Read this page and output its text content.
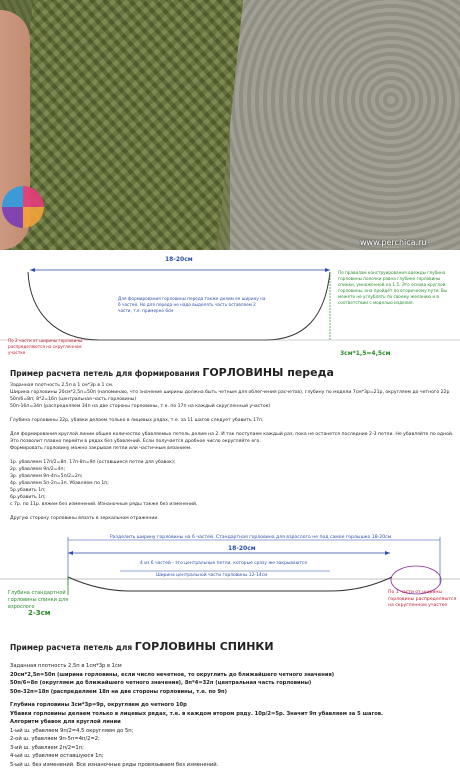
www.perchica.ru
18-20см
Для формирования горловины переда также делим ее ширину на 6 частей. Но для переда не надо выделять часть оставляем 2 части, т.е. примерно 6см
По правилам конструирования одежды глубина горловины полочки равна глубине горловины спинки, умноженной на 1.5. Это основа круглой горловины, она пройдёт по вторичному пути. Вы можете не углублять по своему желанию и в соответствии с моделью изделия.
3см*1,5=4,5см
По 2 части от ширины горловины распределяются на скругленном участке
Пример расчета петель для формирования ГОРЛОВИНЫ переда
Заданная плотность 2,5п в 1 см*3р в 1 см.
Ширина горловины 20см*2,5п=50п (напоминаю, что значение ширины должна быть четным для облегчения расчетов), глубину по модели 7см*3р=21р, округляем до четного 22р
50п/6=8п; 8*2=16п (центральная часть горловины)
50п-16п=34п (распределяем 34п на две стороны горловины, т.е. по 17п на каждый скругленный участок)

Глубина горловины 22р, убавки делаем только в лицевых рядах, т.е. за 11 шагов следует убавить 17п.

Для формирования круглой линии общее количество убавляемых петель делим на 2. И так поступаем каждый раз, пока не останется последние 2-3 петли. Не убавляйте по одной.
Это позволит плавно перейти в рядах без убавлений. Если получается дробное число округляйте его.
Формировать горловину можно закрывая петли или частичным вязанием.

1р. убавляем 17п/2=8п. 17п-8п=9п (оставшиеся петли для убавок);
2р. убавляем 9п/2=4п;
3р. убавляем 9п-4п=5п/2=2п;
4р. убавляем 5п-2п=3п. Убавляем по 1п;
5р.убавить 1п;
6р.убавить 1п;
с 7р. по 11р. вяжем без изменений. Изнаночные ряды также без изменений.

Другую сторону горловины вязать в зеркальном отражении.
Разделить ширину горловины на 6 частей. Стандартная горловина для взрослого не под самое горлышко 18-20см
18-20см
4 из 6 частей - это центральные петли, которые сразу же закрываются
Ширина центральной части горловины 12-14см
Глубина стандартной горловины спинки для взрослого
2-3см
По 1 части от ширины горловины распределяются на скругленном участке
Пример расчета петель для ГОРЛОВИНЫ СПИНКИ
Заданная плотность 2,5п в 1см*3р в 1см
20см*2,5п=50п (ширина горловины, если число нечетное, то округлить до ближайшего четного значения)
50п/6=8п (округляем до ближайшего четного значения), 8п*4=32п (центральная часть горловины)
50п-32п=18п (распределяем 18п на две стороны горловины, т.е. по 9п)

Глубина горловины 3см*3р=9р, округляем до четного 10р
Убавки горловины делаем только в лицевых рядах, т.е. в каждом втором ряду. 10р/2=5р. Значит 9п убавляем за 5 шагов.
Алгоритм убавок для круглой линии
1-ый ш. убавляем 9п/2=4,5 округляем до 5п;
2-ой ш. убавляем 9п-5п=4п/2=2;
3-ий ш. убавляем 2п/2=1п;
4-ый ш. убавляем оставшуюся 1п;
5-ый ш. без изменений. Все изнаночные ряды провязываем без изменений.
